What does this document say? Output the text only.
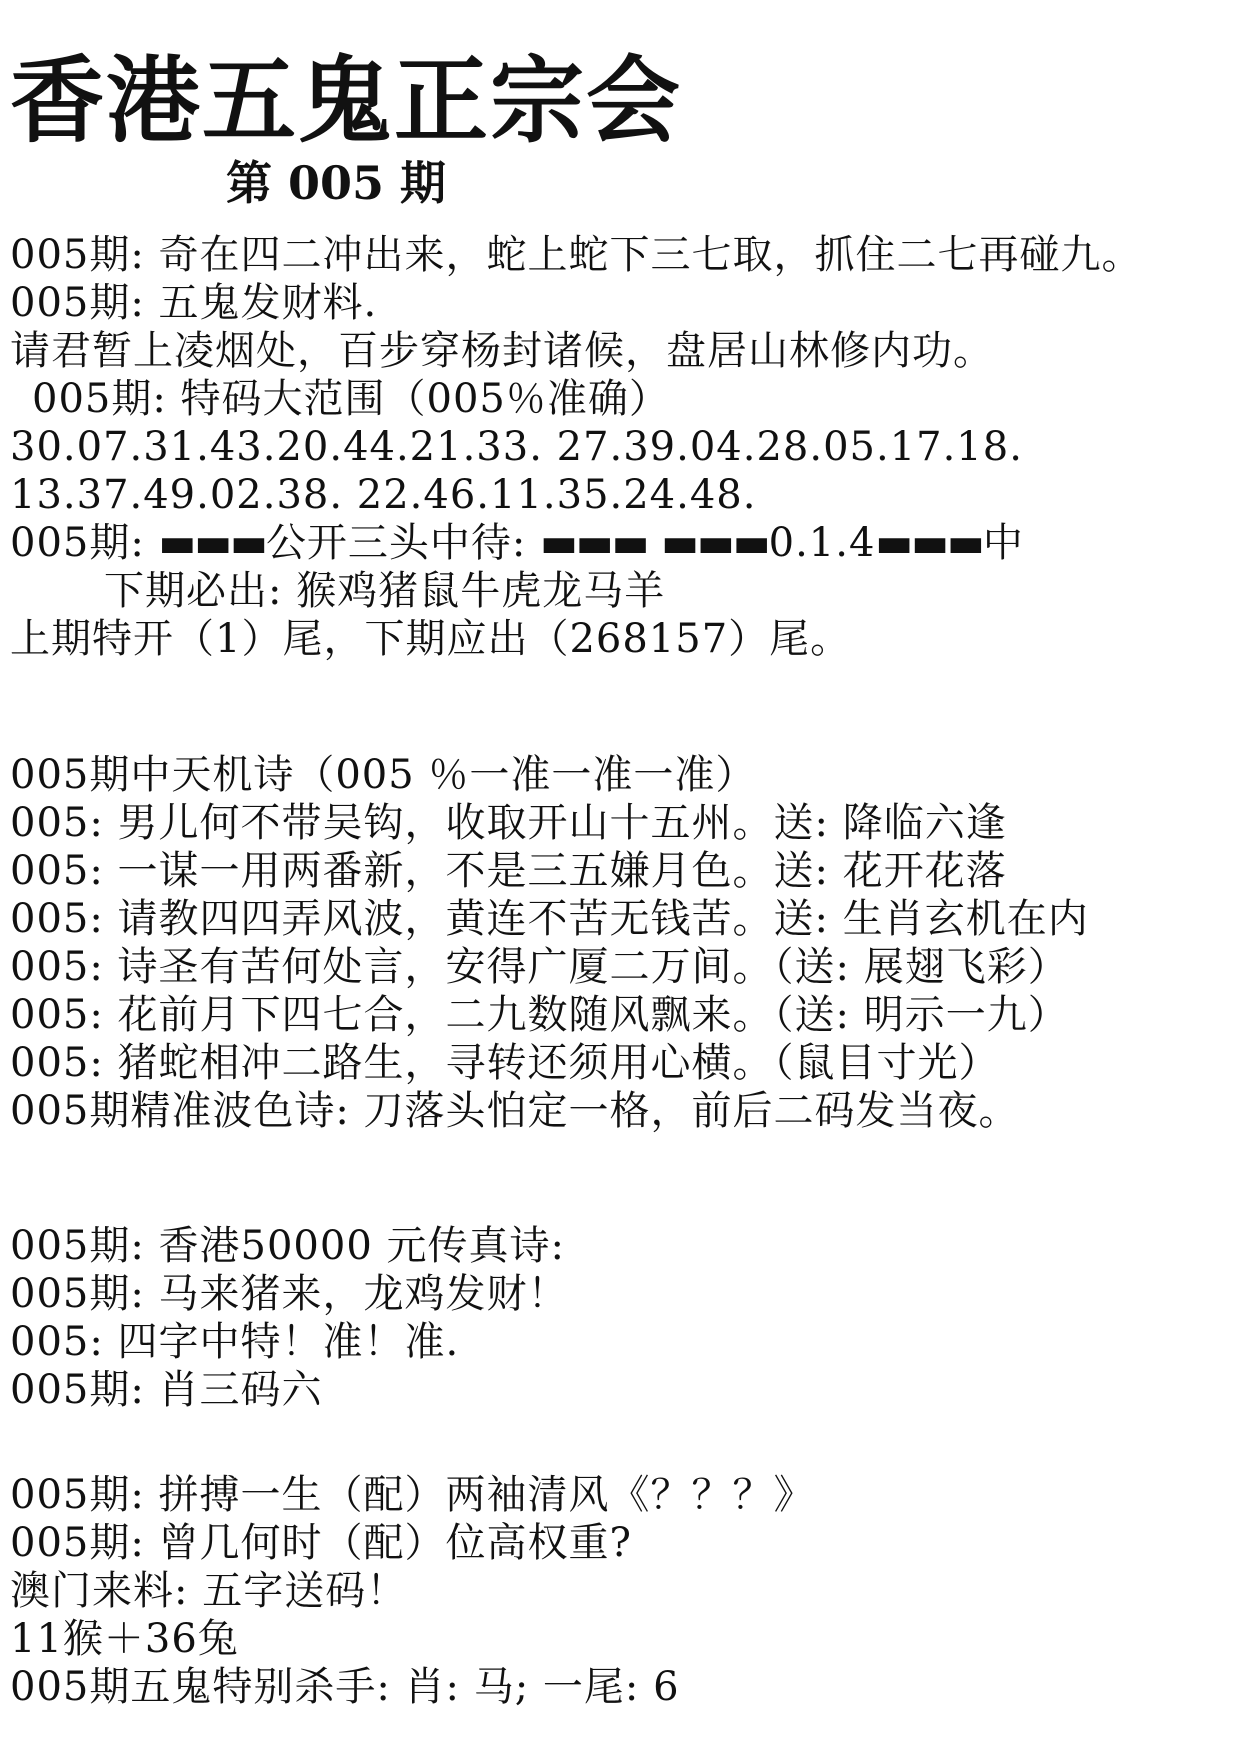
香港五鬼正宗会
第 005 期
005期: 奇在四二冲出来，蛇上蛇下三七取，抓住二七再碰九。
005期: 五鬼发财料.
请君暂上凌烟处，百步穿杨封诸候，盘居山林修内功。
005期: 特码大范围（005％准确）
30.07.31.43.20.44.21.33. 27.39.04.28.05.17.18.
13.37.49.02.38. 22.46.11.35.24.48.
005期: ▬▬▬公开三头中待: ▬▬▬ ▬▬▬0.1.4▬▬▬中
下期必出: 猴鸡猪鼠牛虎龙马羊
上期特开（1）尾，下期应出（268157）尾。
005期中天机诗（005 ％一准一准一准）
005: 男儿何不带吴钩，收取开山十五州。送: 降临六逢
005: 一谋一用两番新，不是三五嫌月色。送: 花开花落
005: 请教四四弄风波，黄连不苦无钱苦。送: 生肖玄机在内
005: 诗圣有苦何处言，安得广厦二万间。（送: 展翅飞彩）
005: 花前月下四七合，二九数随风飘来。（送: 明示一九）
005: 猪蛇相冲二路生，寻转还须用心横。（鼠目寸光）
005期精准波色诗: 刀落头怕定一格，前后二码发当夜。
005期: 香港50000 元传真诗:
005期: 马来猪来，龙鸡发财！
005: 四字中特！准！准.
005期: 肖三码六
005期: 拼搏一生（配）两袖清风《？？？》
005期: 曾几何时（配）位高权重?
澳门来料: 五字送码！
11猴＋36兔
005期五鬼特别杀手: 肖: 马; 一尾: 6
